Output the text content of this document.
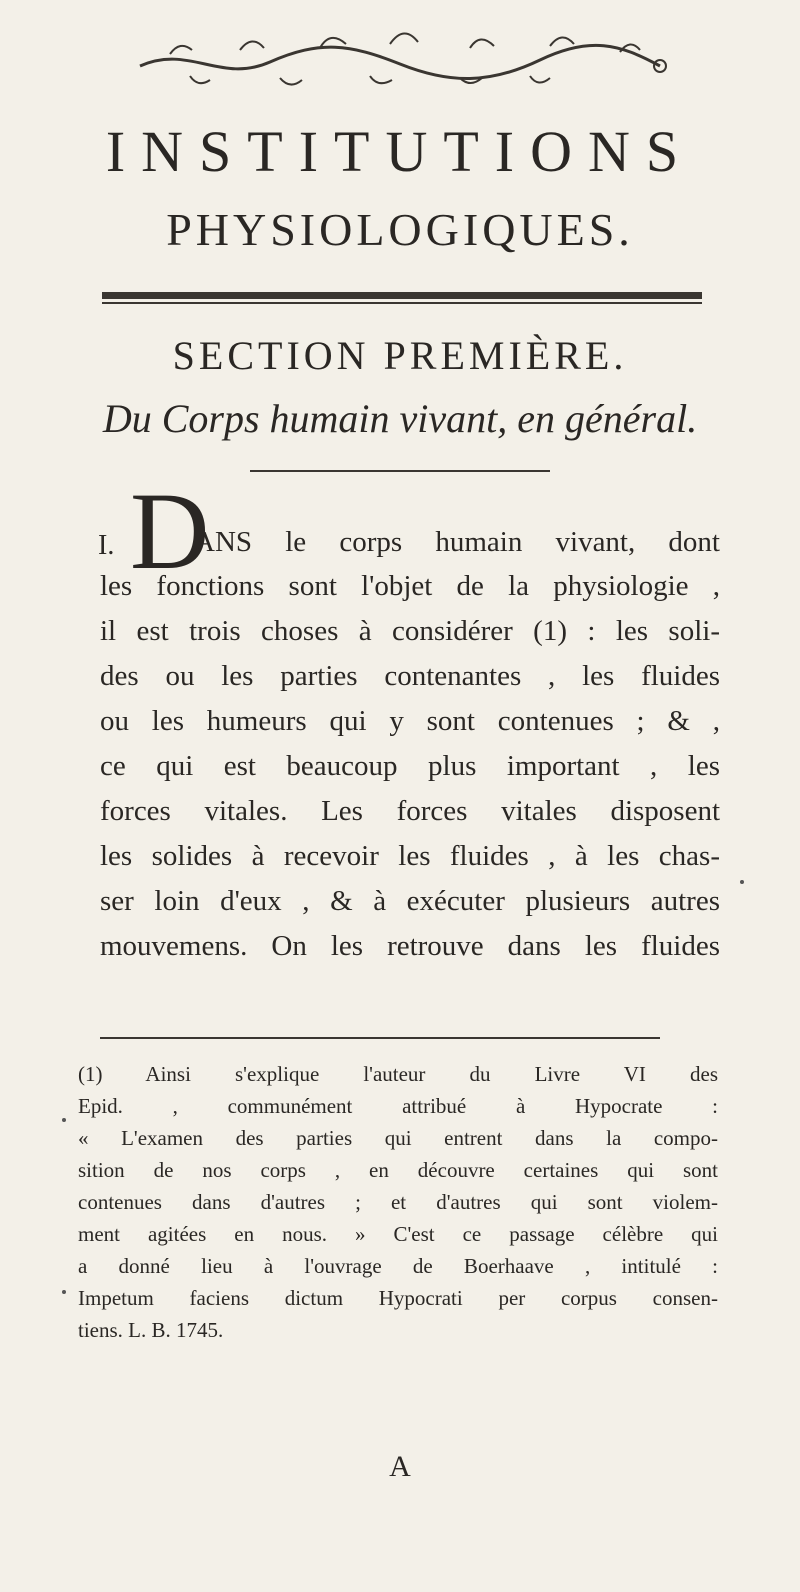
INSTITUTIONS
PHYSIOLOGIQUES.
SECTION PREMIÈRE.
Du Corps humain vivant, en général.
I. D
ANS le corps humain vivant, dont
les fonctions sont l'objet de la physiologie ,
il est trois choses à considérer (1) : les soli-
des ou les parties contenantes , les fluides
ou les humeurs qui y sont contenues ; & ,
ce qui est beaucoup plus important , les
forces vitales. Les forces vitales disposent
les solides à recevoir les fluides , à les chas-
ser loin d'eux , & à exécuter plusieurs autres
mouvemens. On les retrouve dans les fluides
(1) Ainsi s'explique l'auteur du Livre VI des
Epid. , communément attribué à Hypocrate :
« L'examen des parties qui entrent dans la compo-
sition de nos corps , en découvre certaines qui sont
contenues dans d'autres ; et d'autres qui sont violem-
ment agitées en nous. » C'est ce passage célèbre qui
a donné lieu à l'ouvrage de Boerhaave , intitulé :
Impetum faciens dictum Hypocrati per corpus consen-
tiens. L. B. 1745.
A
